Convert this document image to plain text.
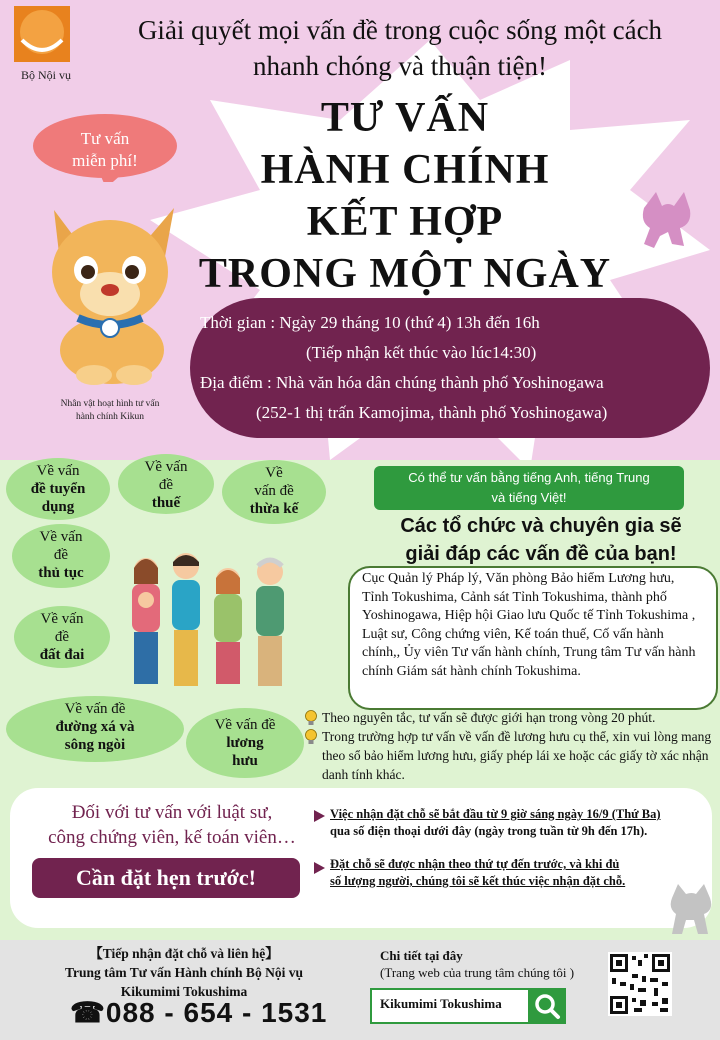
Bộ Nội vụ
Giải quyết mọi vấn đề trong cuộc sống một cách
nhanh chóng và thuận tiện!
TƯ VẤN
HÀNH CHÍNH
KẾT HỢP
TRONG MỘT NGÀY
Tư vấn
miễn phí!
Nhân vật hoạt hình tư vấn
hành chính Kikun
Thời gian : Ngày 29 tháng 10 (thứ 4) 13h đến 16h
(Tiếp nhận kết thúc vào lúc14:30)
Địa điểm : Nhà văn hóa dân chúng thành phố Yoshinogawa
(252-1 thị trấn Kamojima, thành phố Yoshinogawa)
Về vấn
đề tuyển
dụng
Về vấn
đề
thuế
Về
vấn đề
thừa kế
Về vấn
đề
thủ tục
Về vấn
đề
đất đai
Về vấn đề
đường xá và
sông ngòi
Về vấn đề
lương
hưu
Có thể tư vấn bằng tiếng Anh, tiếng Trung
và tiếng Việt!
Các tổ chức và chuyên gia sẽ
giải đáp các vấn đề của bạn!
Cục Quản lý Pháp lý, Văn phòng Bảo hiểm Lương hưu, Tỉnh Tokushima, Cảnh sát Tỉnh Tokushima, thành phố Yoshinogawa, Hiệp hội Giao lưu Quốc tế Tỉnh Tokushima , Luật sư, Công chứng viên, Kế toán thuế, Cố vấn hành chính,, Ủy viên Tư vấn hành chính, Trung tâm Tư vấn hành chính Giám sát hành chính Tokushima.
Theo nguyên tắc, tư vấn sẽ được giới hạn trong vòng 20 phút.
Trong trường hợp tư vấn về vấn đề lương hưu cụ thể, xin vui lòng mang theo sổ bảo hiểm lương hưu, giấy phép lái xe hoặc các giấy tờ xác nhận danh tính khác.
Đối với tư vấn với luật sư,
công chứng viên, kế toán viên…
Cần đặt hẹn trước!
Việc nhận đặt chỗ sẽ bắt đầu từ 9 giờ sáng ngày 16/9 (Thứ Ba)
qua số điện thoại dưới đây (ngày trong tuần từ 9h đến 17h).
Đặt chỗ sẽ được nhận theo thứ tự đến trước, và khi đủ
số lượng người, chúng tôi sẽ kết thúc việc nhận đặt chỗ.
【Tiếp nhận đặt chỗ và liên hệ】
Trung tâm Tư vấn Hành chính Bộ Nội vụ
Kikumimi Tokushima
☎088 - 654 - 1531
Chi tiết tại đây
(Trang web của trung tâm chúng tôi )
Kikumimi Tokushima
